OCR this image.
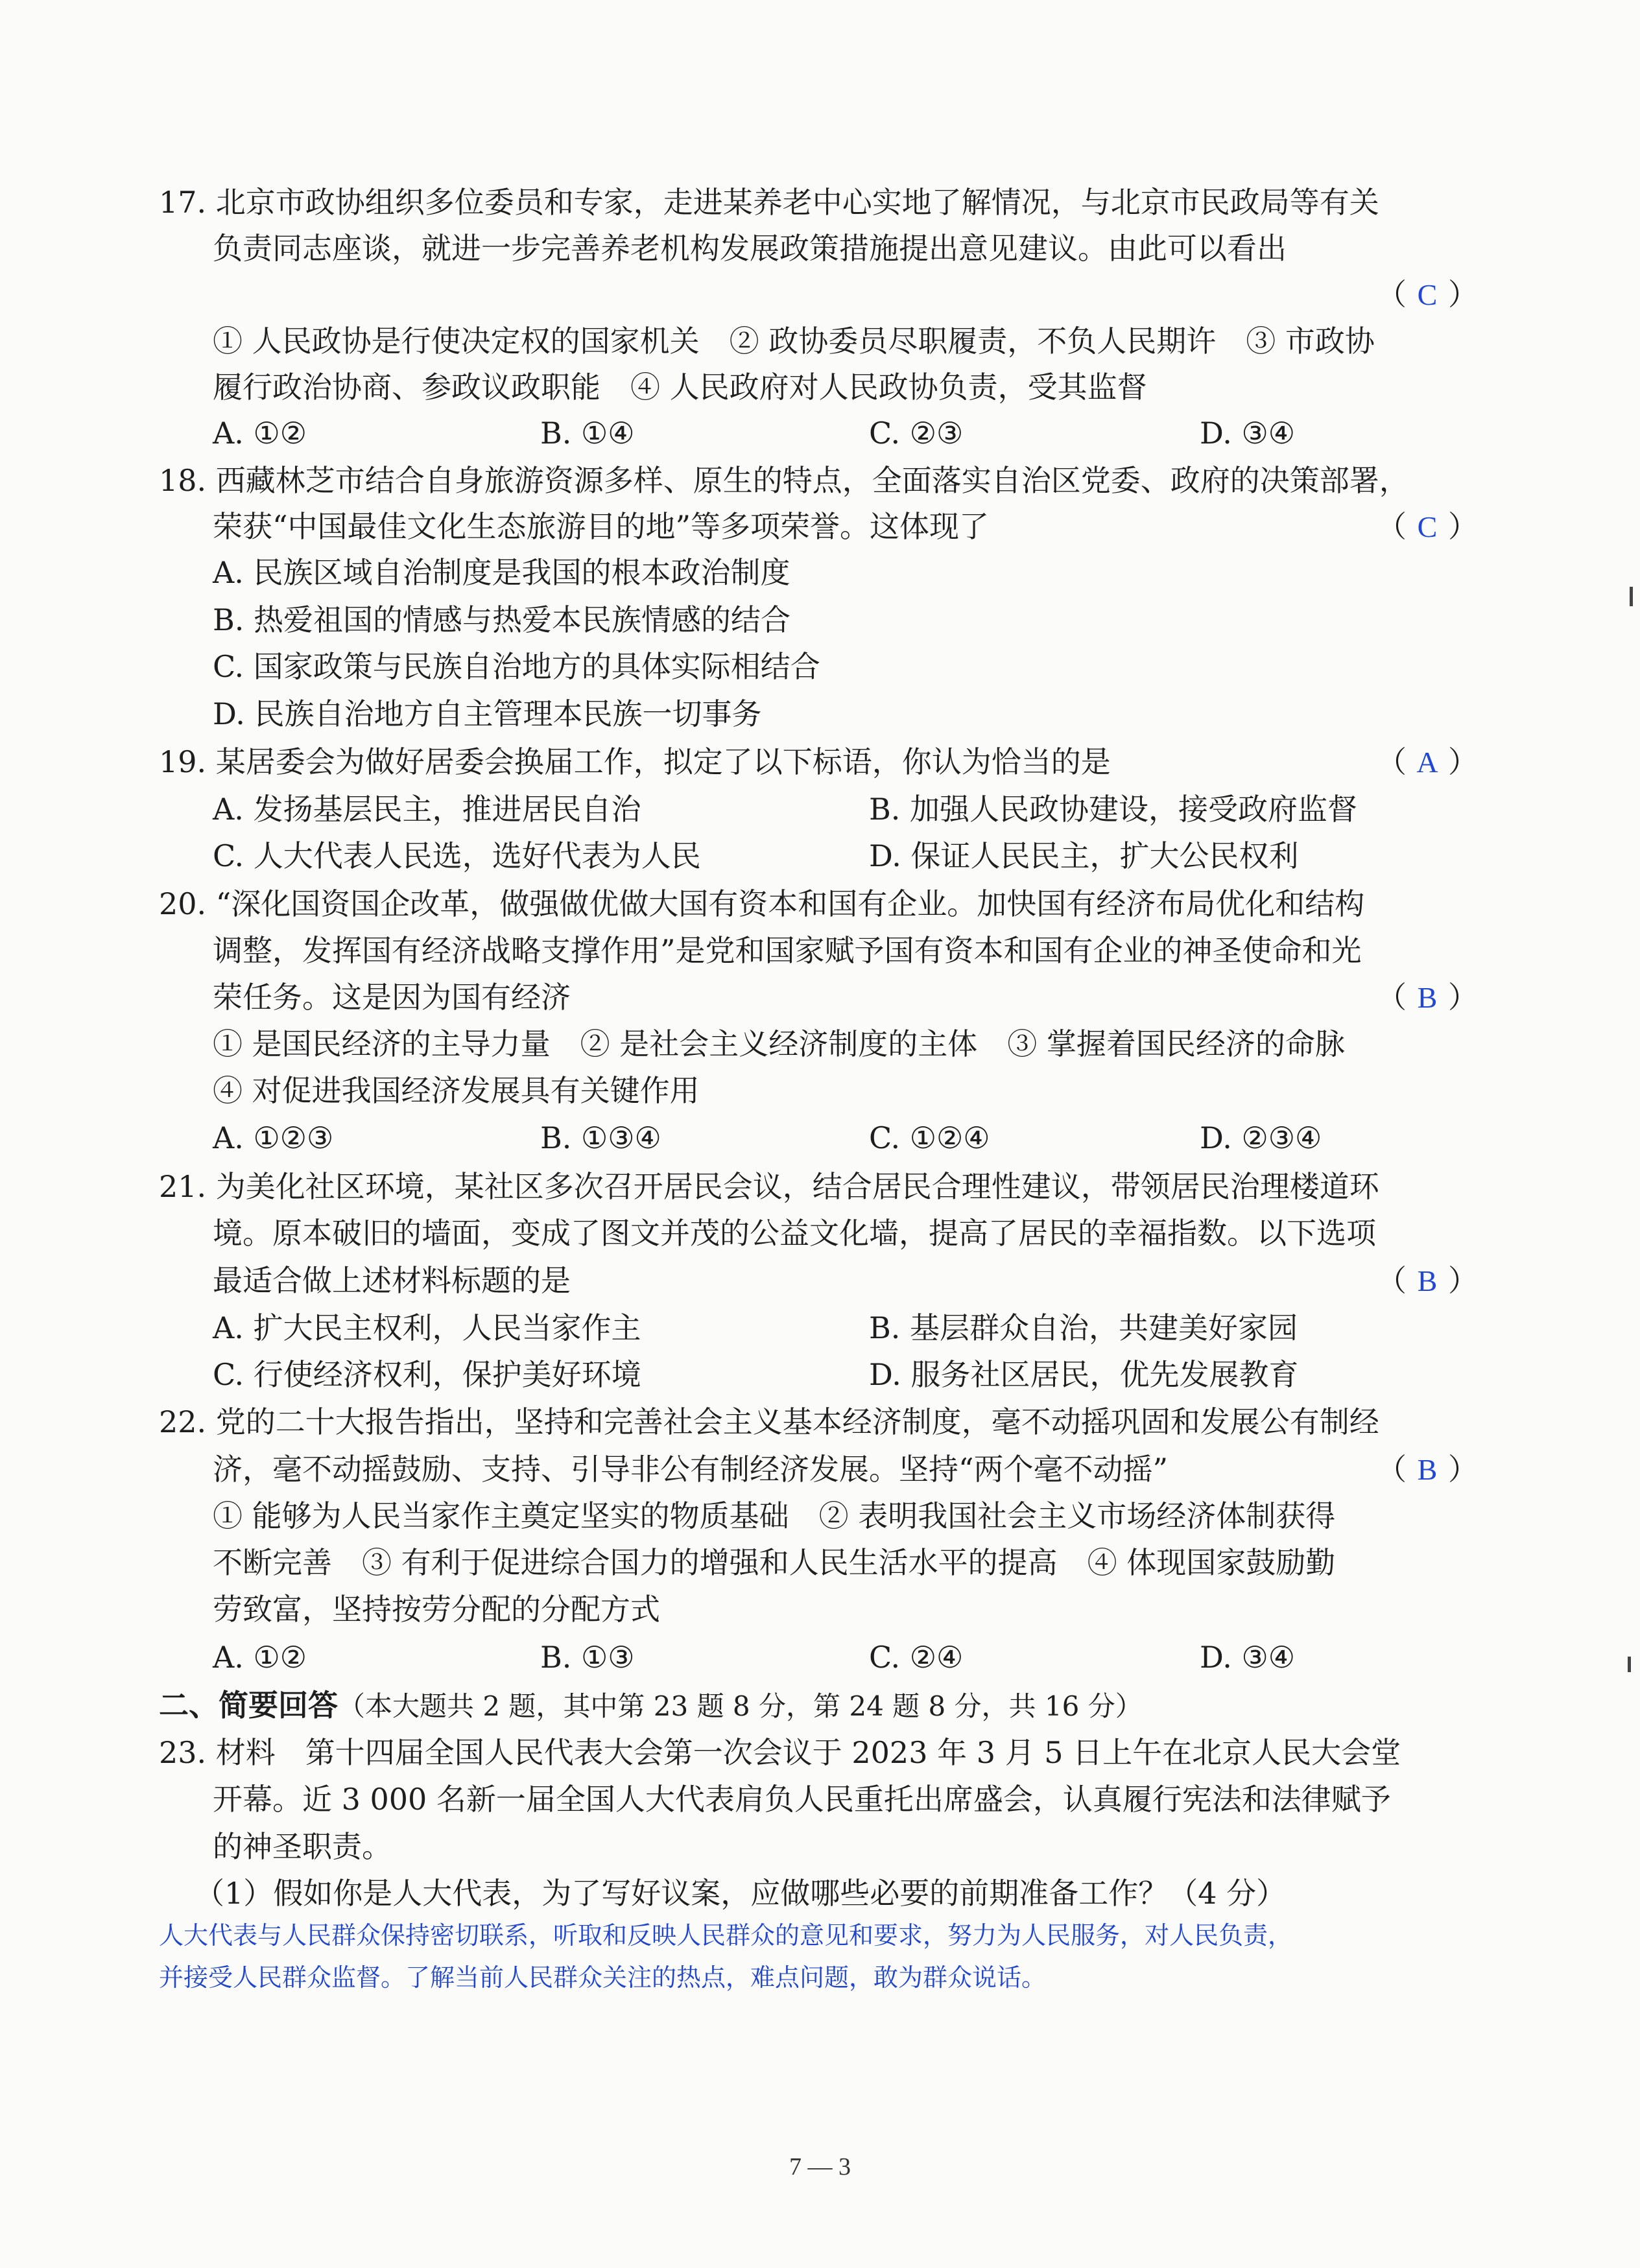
17. 北京市政协组织多位委员和专家，走进某养老中心实地了解情况，与北京市民政局等有关
负责同志座谈，就进一步完善养老机构发展政策措施提出意见建议。由此可以看出
（ C ）
① 人民政协是行使决定权的国家机关　② 政协委员尽职履责，不负人民期许　③ 市政协
履行政治协商、参政议政职能　④ 人民政府对人民政协负责，受其监督
A. ①②	B. ①④	C. ②③	D. ③④
18. 西藏林芝市结合自身旅游资源多样、原生的特点，全面落实自治区党委、政府的决策部署，
荣获“中国最佳文化生态旅游目的地”等多项荣誉。这体现了	（ C ）
A. 民族区域自治制度是我国的根本政治制度
B. 热爱祖国的情感与热爱本民族情感的结合
C. 国家政策与民族自治地方的具体实际相结合
D. 民族自治地方自主管理本民族一切事务
19. 某居委会为做好居委会换届工作，拟定了以下标语，你认为恰当的是	（ A ）
A. 发扬基层民主，推进居民自治	B. 加强人民政协建设，接受政府监督
C. 人大代表人民选，选好代表为人民	D. 保证人民民主，扩大公民权利
20. “深化国资国企改革，做强做优做大国有资本和国有企业。加快国有经济布局优化和结构
调整，发挥国有经济战略支撑作用”是党和国家赋予国有资本和国有企业的神圣使命和光
荣任务。这是因为国有经济	（ B ）
① 是国民经济的主导力量　② 是社会主义经济制度的主体　③ 掌握着国民经济的命脉
④ 对促进我国经济发展具有关键作用
A. ①②③	B. ①③④	C. ①②④	D. ②③④
21. 为美化社区环境，某社区多次召开居民会议，结合居民合理性建议，带领居民治理楼道环
境。原本破旧的墙面，变成了图文并茂的公益文化墙，提高了居民的幸福指数。以下选项
最适合做上述材料标题的是	（ B ）
A. 扩大民主权利，人民当家作主	B. 基层群众自治，共建美好家园
C. 行使经济权利，保护美好环境	D. 服务社区居民，优先发展教育
22. 党的二十大报告指出，坚持和完善社会主义基本经济制度，毫不动摇巩固和发展公有制经
济，毫不动摇鼓励、支持、引导非公有制经济发展。坚持“两个毫不动摇”	（ B ）
① 能够为人民当家作主奠定坚实的物质基础　② 表明我国社会主义市场经济体制获得
不断完善　③ 有利于促进综合国力的增强和人民生活水平的提高　④ 体现国家鼓励勤
劳致富，坚持按劳分配的分配方式
A. ①②	B. ①③	C. ②④	D. ③④
二、简要回答（本大题共 2 题，其中第 23 题 8 分，第 24 题 8 分，共 16 分）
23. 材料　第十四届全国人民代表大会第一次会议于 2023 年 3 月 5 日上午在北京人民大会堂
开幕。近 3 000 名新一届全国人大代表肩负人民重托出席盛会，认真履行宪法和法律赋予
的神圣职责。
（1）假如你是人大代表，为了写好议案，应做哪些必要的前期准备工作？（4 分）
人大代表与人民群众保持密切联系，听取和反映人民群众的意见和要求，努力为人民服务，对人民负责，
并接受人民群众监督。了解当前人民群众关注的热点，难点问题，敢为群众说话。
7 — 3
